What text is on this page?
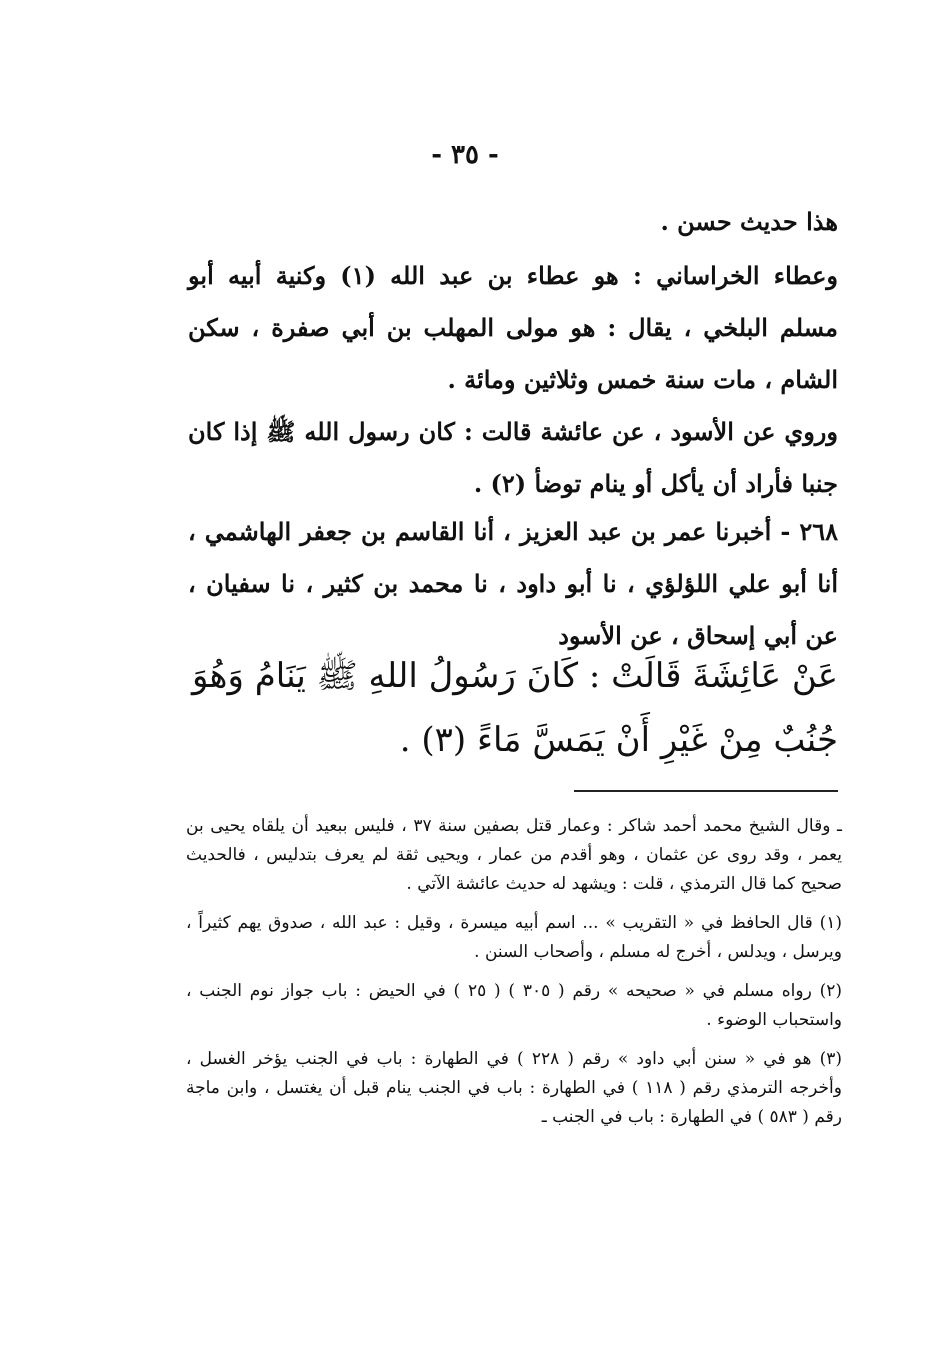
- ٣٥ -
هذا حديث حسن .
وعطاء الخراساني : هو عطاء بن عبد الله (١) وكنية أبيه أبو مسلم البلخي ، يقال : هو مولى المهلب بن أبي صفرة ، سكن الشام ، مات سنة خمس وثلاثين ومائة .
وروي عن الأسود ، عن عائشة قالت : كان رسول الله ﷺ إذا كان جنبا فأراد أن يأكل أو ينام توضأ (٢) .
٢٦٨ - أخبرنا عمر بن عبد العزيز ، أنا القاسم بن جعفر الهاشمي ، أنا أبو علي اللؤلؤي ، نا أبو داود ، نا محمد بن كثير ، نا سفيان ، عن أبي إسحاق ، عن الأسود
عَنْ عَائِشَةَ قَالَتْ : كَانَ رَسُولُ اللهِ ﷺ يَنَامُ وَهُوَ جُنُبٌ مِنْ غَيْرِ أَنْ يَمَسَّ مَاءً (٣) .

ـ وقال الشيخ محمد أحمد شاكر : وعمار قتل بصفين سنة ٣٧ ، فليس ببعيد أن يلقاه يحيى بن يعمر ، وقد روى عن عثمان ، وهو أقدم من عمار ، ويحيى ثقة لم يعرف بتدليس ، فالحديث صحيح كما قال الترمذي ، قلت : ويشهد له حديث عائشة الآتي .

(١) قال الحافظ في « التقريب » ... اسم أبيه ميسرة ، وقيل : عبد الله ، صدوق يهم كثيراً ، ويرسل ، ويدلس ، أخرج له مسلم ، وأصحاب السنن .

(٢) رواه مسلم في « صحيحه » رقم ( ٣٠٥ ) ( ٢٥ ) في الحيض : باب جواز نوم الجنب ، واستحباب الوضوء .

(٣) هو في « سنن أبي داود » رقم ( ٢٢٨ ) في الطهارة : باب في الجنب يؤخر الغسل ، وأخرجه الترمذي رقم ( ١١٨ ) في الطهارة : باب في الجنب ينام قبل أن يغتسل ، وابن ماجة رقم ( ٥٨٣ ) في الطهارة : باب في الجنب ـ
